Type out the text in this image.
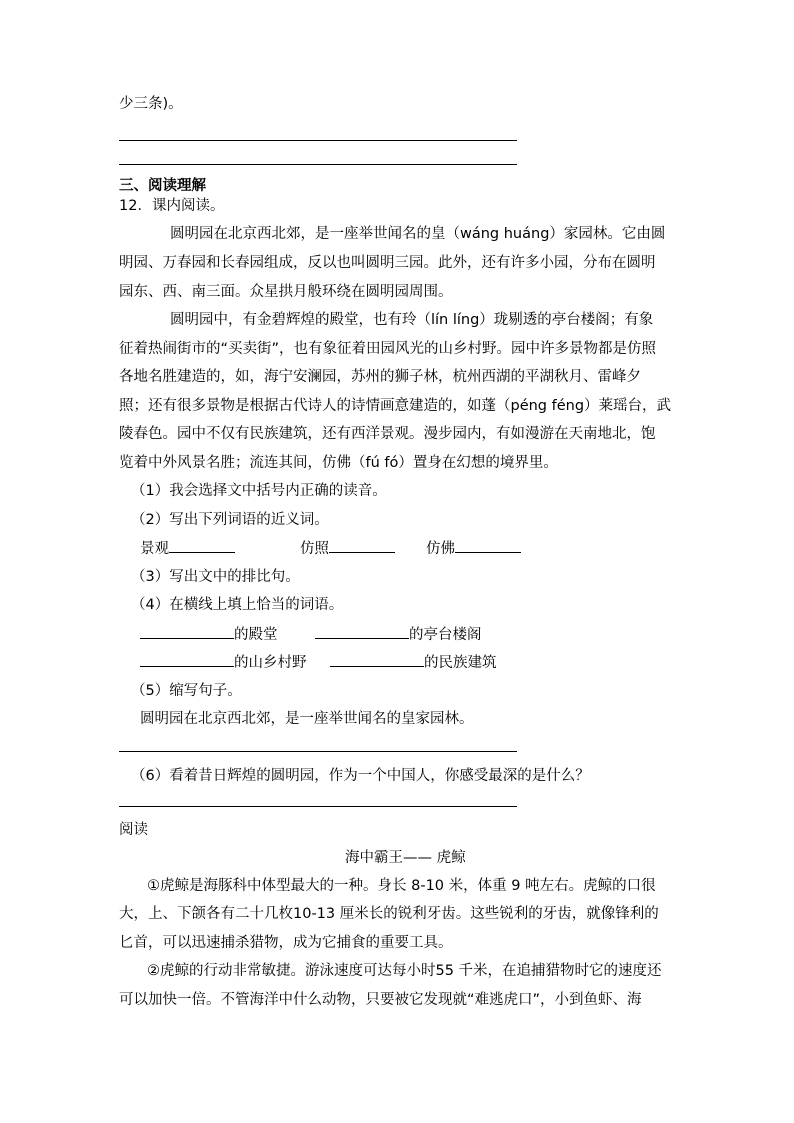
少三条)。
三、阅读理解
12．课内阅读。
圆明园在北京西北郊，是一座举世闻名的皇（wáng huáng）家园林。它由圆
明园、万春园和长春园组成，反以也叫圆明三园。此外，还有许多小园，分布在圆明
园东、西、南三面。众星拱月般环绕在圆明园周围。
圆明园中，有金碧辉煌的殿堂，也有玲（lín líng）珑剔透的亭台楼阁；有象
征着热闹街市的“买卖街”，也有象征着田园风光的山乡村野。园中许多景物都是仿照
各地名胜建造的，如，海宁安澜园，苏州的狮子林，杭州西湖的平湖秋月、雷峰夕
照；还有很多景物是根据古代诗人的诗情画意建造的，如蓬（péng féng）莱瑶台，武
陵春色。园中不仅有民族建筑，还有西洋景观。漫步园内，有如漫游在天南地北，饱
览着中外风景名胜；流连其间，仿佛（fú fó）置身在幻想的境界里。
（1）我会选择文中括号内正确的读音。
（2）写出下列词语的近义词。
景观	仿照	仿佛
（3）写出文中的排比句。
（4）在横线上填上恰当的词语。
的殿堂	的亭台楼阁
的山乡村野	的民族建筑
（5）缩写句子。
圆明园在北京西北郊，是一座举世闻名的皇家园林。
（6）看着昔日辉煌的圆明园，作为一个中国人，你感受最深的是什么？
阅读
海中霸王—— 虎鲸
①虎鲸是海豚科中体型最大的一种。身长 8-10 米，体重 9 吨左右。虎鲸的口很
大，上、下颌各有二十几枚10-13 厘米长的锐利牙齿。这些锐利的牙齿，就像锋利的
匕首，可以迅速捕杀猎物，成为它捕食的重要工具。
②虎鲸的行动非常敏捷。游泳速度可达每小时55 千米，在追捕猎物时它的速度还
可以加快一倍。不管海洋中什么动物，只要被它发现就“难逃虎口”，小到鱼虾、海
